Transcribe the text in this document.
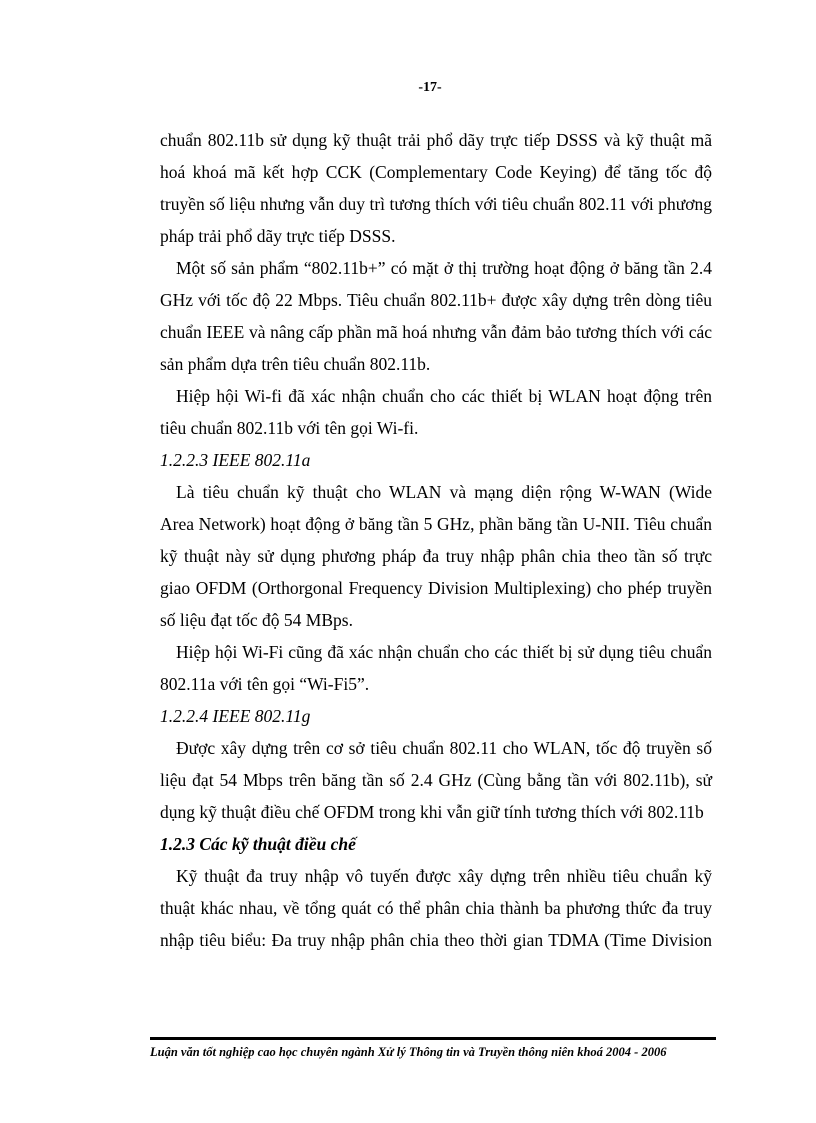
-17-
chuẩn 802.11b sử dụng kỹ thuật trải phổ dãy trực tiếp DSSS và kỹ thuật mã
hoá khoá mã kết hợp CCK (Complementary Code Keying) để tăng tốc độ
truyền số liệu nhưng vẫn duy trì tương thích với tiêu chuẩn 802.11 với phương
pháp trải phổ dãy trực tiếp DSSS.
Một số sản phẩm “802.11b+” có mặt ở thị trường hoạt động ở băng tần 2.4
GHz với tốc độ 22 Mbps. Tiêu chuẩn 802.11b+ được xây dựng trên dòng tiêu
chuẩn IEEE và nâng cấp phần mã hoá nhưng vẫn đảm bảo tương thích với các
sản phẩm dựa trên tiêu chuẩn 802.11b.
Hiệp hội Wi-fi đã xác nhận chuẩn cho các thiết bị WLAN hoạt động trên
tiêu chuẩn 802.11b với tên gọi Wi-fi.
1.2.2.3 IEEE 802.11a
Là tiêu chuẩn kỹ thuật cho WLAN và mạng diện rộng W-WAN (Wide
Area Network) hoạt động ở băng tần 5 GHz, phần băng tần U-NII. Tiêu chuẩn
kỹ thuật này sử dụng phương pháp đa truy nhập phân chia theo tần số trực
giao OFDM (Orthorgonal Frequency Division Multiplexing) cho phép truyền
số liệu đạt tốc độ 54 MBps.
Hiệp hội Wi-Fi cũng đã xác nhận chuẩn cho các thiết bị sử dụng tiêu chuẩn
802.11a với tên gọi “Wi-Fi5”.
1.2.2.4 IEEE 802.11g
Được xây dựng trên cơ sở tiêu chuẩn 802.11 cho WLAN, tốc độ truyền số
liệu đạt 54 Mbps trên băng tần số 2.4 GHz (Cùng bằng tần với 802.11b), sử
dụng kỹ thuật điều chế OFDM trong khi vẫn giữ tính tương thích với 802.11b
1.2.3 Các kỹ thuật điều chế
Kỹ thuật đa truy nhập vô tuyến được xây dựng trên nhiều tiêu chuẩn kỹ
thuật khác nhau, về tổng quát có thể phân chia thành ba phương thức đa truy
nhập tiêu biểu: Đa truy nhập phân chia theo thời gian TDMA (Time Division
Luận văn tốt nghiệp cao học chuyên ngành Xử lý Thông tin và Truyền thông niên khoá 2004 - 2006
